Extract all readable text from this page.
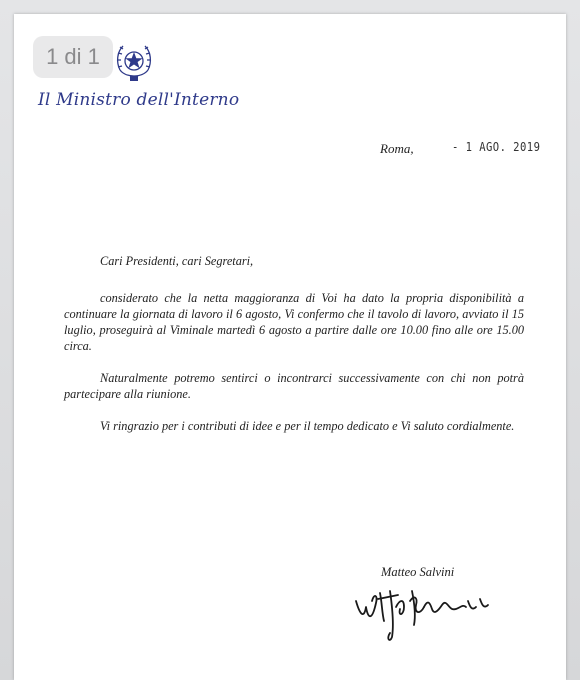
1 di 1
Il Ministro dell'Interno
Roma,	- 1 AGO. 2019

Cari Presidenti, cari Segretari,

considerato che la netta maggioranza di Voi ha dato la propria disponibilità a continuare la giornata di lavoro il 6 agosto, Vi confermo che il tavolo di lavoro, avviato il 15 luglio, proseguirà al Viminale martedì 6 agosto a partire dalle ore 10.00 fino alle ore 15.00 circa.

Naturalmente potremo sentirci o incontrarci successivamente con chi non potrà partecipare alla riunione.

Vi ringrazio per i contributi di idee e per il tempo dedicato e Vi saluto cordialmente.

Matteo Salvini
